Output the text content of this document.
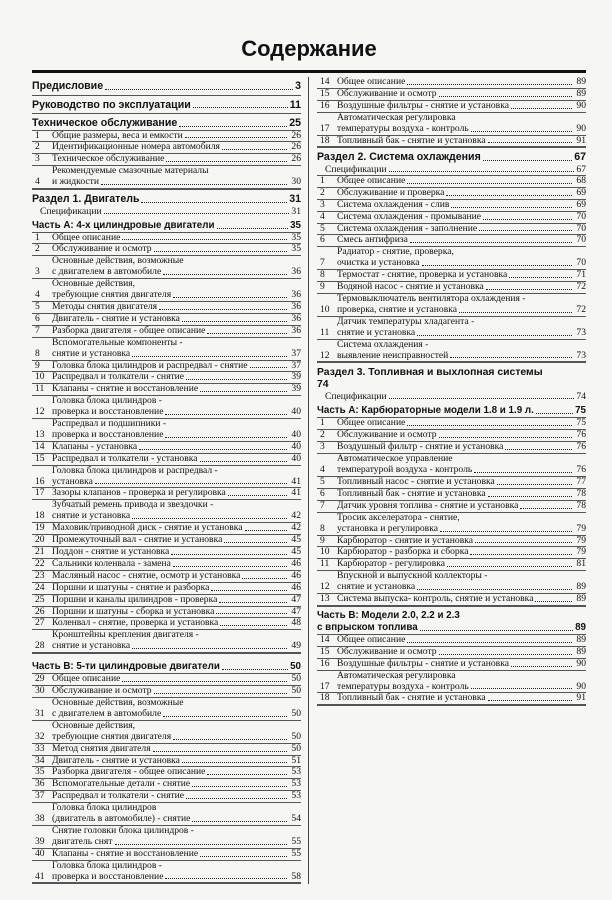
Содержание
Предисловие	3
Руководство по эксплуатации	11
Техническое обслуживание	25
1	Общие размеры, веса и емкости	26
2	Идентификационные номера автомобиля	26
3	Техническое обслуживание	26
4
Рекомендуемые смазочные материалы
и жидкости	30
Раздел 1. Двигатель	31
Спецификации	31
Часть А: 4-х цилиндровые двигатели	35
1	Общее описание	35
2	Обслуживание и осмотр	35
3
Основные действия, возможные
с двигателем в автомобиле	36
4
Основные действия,
требующие снятия двигателя	36
5	Методы снятия двигателя	36
6	Двигатель - снятие и установка	36
7	Разборка двигателя - общее описание	36
8
Вспомогательные компоненты -
снятие и установка	37
9	Головка блока цилиндров и распредвал - снятие	37
10 Распредвал и толкатели - снятие	39
11 Клапаны - снятие и восстановление	39
12
Головка блока цилиндров -
проверка и восстановление	40
13
Распредвал и подшипники -
проверка и восстановление	40
14 Клапаны - установка	40
15 Распредвал и толкатели - установка	40
16
Головка блока цилиндров и распредвал -
установка	41
17 Зазоры клапанов - проверка и регулировка	41
18
Зубчатый ремень привода и звездочки -
снятие и установка	42
19 Маховик/приводной диск - снятие и установка	42
20 Промежуточный вал - снятие и установка	45
21 Поддон - снятие и установка	45
22 Сальники коленвала - замена	46
23 Масляный насос - снятие, осмотр и установка	46
24 Поршни и шатуны - снятие и разборка	46
25 Поршни и каналы цилиндров - проверка	47
26 Поршни и шатуны - сборка и установка	47
27 Коленвал - снятие, проверка и установка	48
28
Кронштейны крепления двигателя -
снятие и установка	49
Часть В: 5-ти цилиндровые двигатели	50
29 Общее описание	50
30 Обслуживание и осмотр	50
31
Основные действия, возможные
с двигателем в автомобиле	50
32
Основные действия,
требующие снятия двигателя	50
33 Метод снятия двигателя	50
34 Двигатель - снятие и установка	51
35 Разборка двигателя - общее описание	53
36 Вспомогательные детали - снятие	53
37 Распредвал и толкатели - снятие	53
38
Головка блока цилиндров
(двигатель в автомобиле) - снятие	54
39
Снятие головки блока цилиндров -
двигатель снят	55
40 Клапаны - снятие и восстановление	55
41
Головка блока цилиндров -
проверка и восстановление	58
14 Общее описание	89
15 Обслуживание и осмотр	89
16 Воздушные фильтры - снятие и установка	90
17
Автоматическая регулировка
температуры воздуха - контроль	90
18 Топливный бак - снятие и установка	91
Раздел 2. Система охлаждения	67
Спецификации	67
1	Общее описание	68
2	Обслуживание и проверка	69
3	Система охлаждения - слив	69
4	Система охлаждения - промывание	70
5	Система охлаждения - заполнение	70
6	Смесь антифриза	70
7
Радиатор - снятие, проверка,
очистка и установка	70
8	Термостат - снятие, проверка и установка	71
9	Водяной насос - снятие и установка	72
10
Термовыключатель вентилятора охлаждения -
проверка, снятие и установка	72
11
Датчик температуры хладагента -
снятие и установка	73
12
Система охлаждения -
выявление неисправностей	73
Раздел 3. Топливная и выхлопная системы
74
Спецификации	74
Часть А: Карбюраторные модели 1.8 и 1.9 л.	75
1	Общее описание	75
2	Обслуживание и осмотр	76
3	Воздушный фильтр - снятие и установка	76
4
Автоматическое управление
температурой воздуха - контроль	76
5	Топливный насос - снятие и установка	77
6	Топливный бак - снятие и установка	78
7	Датчик уровня топлива - снятие и установка	78
8
Тросик акселератора - снятие,
установка и регулировка	79
9	Карбюратор - снятие и установка	79
10 Карбюратор - разборка и сборка	79
11 Карбюратор - регулировка	81
12
Впускной и выпускной коллекторы -
снятие и установка	89
13 Система выпуска- контроль, снятие и установка	89
Часть В: Модели 2.0, 2.2 и 2.3
с впрыском топлива	89
14 Общее описание	89
15 Обслуживание и осмотр	89
16 Воздушные фильтры - снятие и установка	90
17
Автоматическая регулировка
температуры воздуха - контроль	90
18 Топливный бак - снятие и установка	91
